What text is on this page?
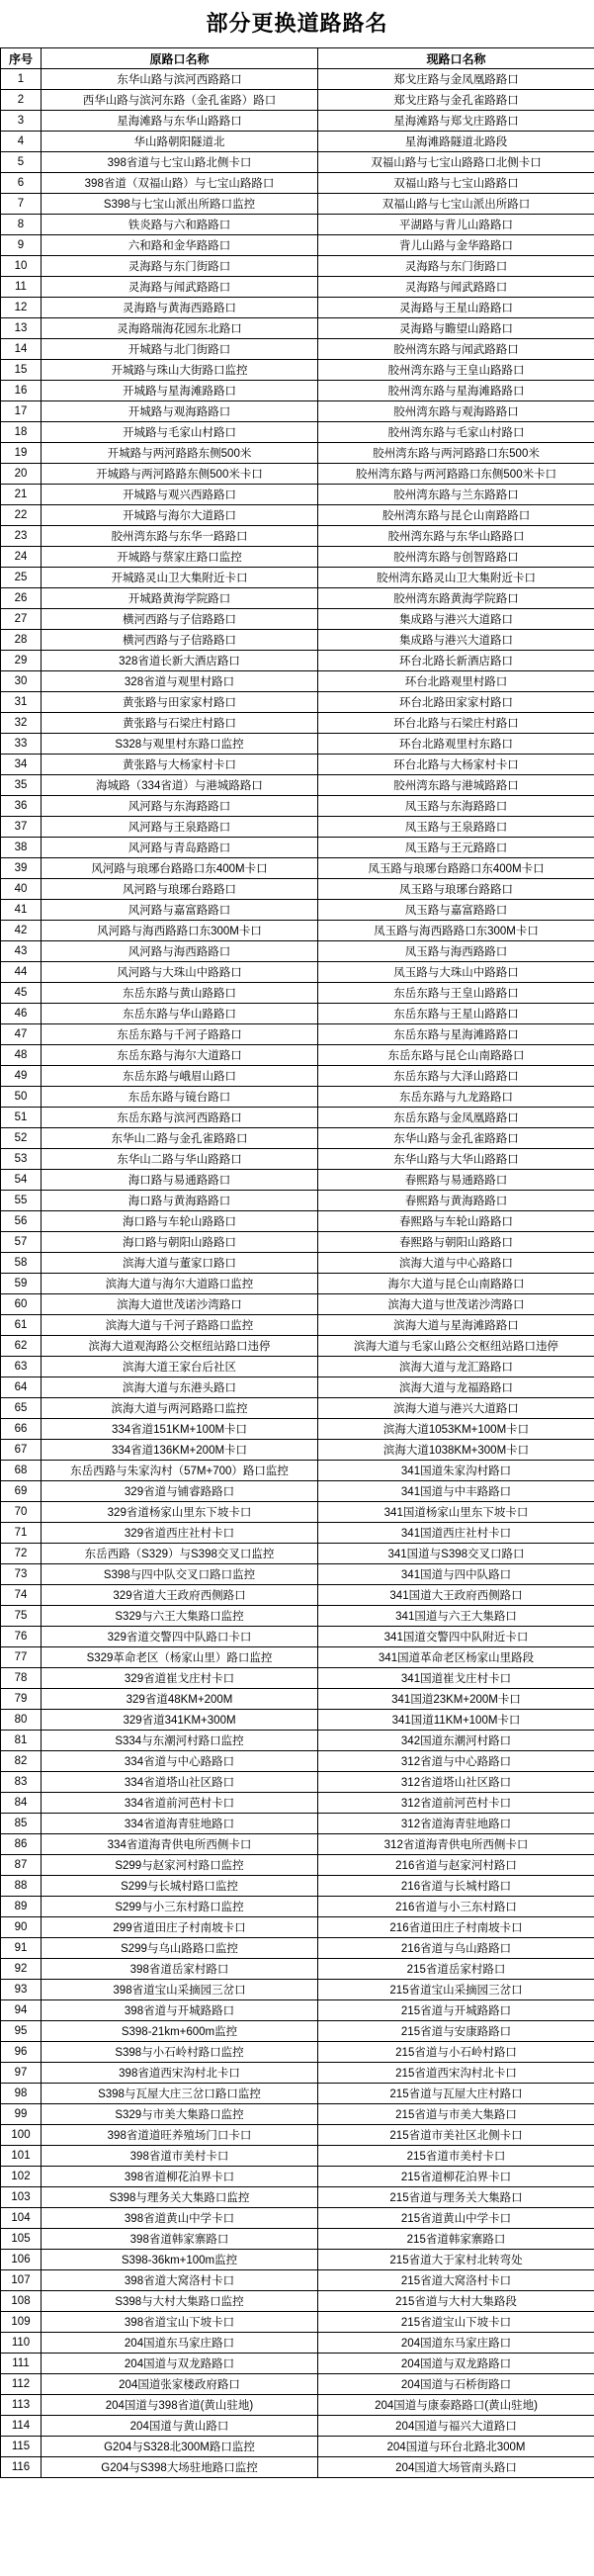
部分更换道路路名
序号	原路口名称	现路口名称
1	东华山路与滨河西路路口	郑戈庄路与金凤凰路路口
2	西华山路与滨河东路（金孔雀路）路口	郑戈庄路与金孔雀路路口
3	星海滩路与东华山路路口	星海滩路与郑戈庄路路口
4	华山路朝阳隧道北	星海滩路隧道北路段
5	398省道与七宝山路北侧卡口	双福山路与七宝山路路口北侧卡口
6	398省道（双福山路）与七宝山路路口	双福山路与七宝山路路口
7	S398与七宝山派出所路口监控	双福山路与七宝山派出所路口
8	铁炎路与六和路路口	平湖路与背儿山路路口
9	六和路和金华路路口	背儿山路与金华路路口
10	灵海路与东门街路口	灵海路与东门街路口
11	灵海路与闻武路路口	灵海路与闻武路路口
12	灵海路与黄海西路路口	灵海路与王星山路路口
13	灵海路瑞海花园东北路口	灵海路与瞻望山路路口
14	开城路与北门街路口	胶州湾东路与闻武路路口
15	开城路与珠山大街路口监控	胶州湾东路与王皇山路路口
16	开城路与星海滩路路口	胶州湾东路与星海滩路路口
17	开城路与观海路路口	胶州湾东路与观海路路口
18	开城路与毛家山村路口	胶州湾东路与毛家山村路口
19	开城路与两河路路东侧500米	胶州湾东路与两河路路口东500米
20	开城路与两河路路东侧500米卡口	胶州湾东路与两河路路口东侧500米卡口
21	开城路与观兴西路路口	胶州湾东路与兰东路路口
22	开城路与海尔大道路口	胶州湾东路与昆仑山南路路口
23	胶州湾东路与东华一路路口	胶州湾东路与东华山路路口
24	开城路与蔡家庄路口监控	胶州湾东路与创智路路口
25	开城路灵山卫大集附近卡口	胶州湾东路灵山卫大集附近卡口
26	开城路黄海学院路口	胶州湾东路黄海学院路口
27	横河西路与子信路路口	集成路与港兴大道路口
28	横河西路与子信路路口	集成路与港兴大道路口
29	328省道长新大酒店路口	环台北路长新酒店路口
30	328省道与观里村路口	环台北路观里村路口
31	黄张路与田家家村路口	环台北路田家家村路口
32	黄张路与石梁庄村路口	环台北路与石梁庄村路口
33	S328与观里村东路口监控	环台北路观里村东路口
34	黄张路与大杨家村卡口	环台北路与大杨家村卡口
35	海城路（334省道）与港城路路口	胶州湾东路与港城路路口
36	风河路与东海路路口	凤玉路与东海路路口
37	风河路与王泉路路口	凤玉路与王泉路路口
38	风河路与青岛路路口	凤玉路与王元路路口
39	风河路与琅琊台路路口东400M卡口	凤玉路与琅琊台路路口东400M卡口
40	风河路与琅琊台路路口	凤玉路与琅琊台路路口
41	风河路与嘉富路路口	凤玉路与嘉富路路口
42	风河路与海西路路口东300M卡口	凤玉路与海西路路口东300M卡口
43	风河路与海西路路口	凤玉路与海西路路口
44	风河路与大珠山中路路口	凤玉路与大珠山中路路口
45	东岳东路与黄山路路口	东岳东路与王皇山路路口
46	东岳东路与华山路路口	东岳东路与王星山路路口
47	东岳东路与千河子路路口	东岳东路与星海滩路路口
48	东岳东路与海尔大道路口	东岳东路与昆仑山南路路口
49	东岳东路与峨眉山路口	东岳东路与大泽山路路口
50	东岳东路与镜台路口	东岳东路与九龙路路口
51	东岳东路与滨河西路路口	东岳东路与金凤凰路路口
52	东华山二路与金孔雀路路口	东华山路与金孔雀路路口
53	东华山二路与华山路路口	东华山路与大华山路路口
54	海口路与易通路路口	春熙路与易通路路口
55	海口路与黄海路路口	春熙路与黄海路路口
56	海口路与车轮山路路口	春熙路与车轮山路路口
57	海口路与朝阳山路路口	春熙路与朝阳山路路口
58	滨海大道与董家口路口	滨海大道与中心路路口
59	滨海大道与海尔大道路口监控	海尔大道与昆仑山南路路口
60	滨海大道世茂诺沙湾路口	滨海大道与世茂诺沙湾路口
61	滨海大道与千河子路路口监控	滨海大道与星海滩路路口
62	滨海大道观海路公交枢纽站路口违停	滨海大道与毛家山路公交枢纽站路口违停
63	滨海大道王家台后社区	滨海大道与龙汇路路口
64	滨海大道与东港头路口	滨海大道与龙福路路口
65	滨海大道与两河路路口监控	滨海大道与港兴大道路口
66	334省道151KM+100M卡口	滨海大道1053KM+100M卡口
67	334省道136KM+200M卡口	滨海大道1038KM+300M卡口
68	东岳西路与朱家沟村（57M+700）路口监控	341国道朱家沟村路口
69	329省道与铺睿路路口	341国道与中丰路路口
70	329省道杨家山里东下坡卡口	341国道杨家山里东下坡卡口
71	329省道西庄社村卡口	341国道西庄社村卡口
72	东岳西路（S329）与S398交叉口监控	341国道与S398交叉口路口
73	S398与四中队交叉口路口监控	341国道与四中队路口
74	329省道大王政府西侧路口	341国道大王政府西侧路口
75	S329与六王大集路口监控	341国道与六王大集路口
76	329省道交警四中队路口卡口	341国道交警四中队附近卡口
77	S329革命老区（杨家山里）路口监控	341国道革命老区杨家山里路段
78	329省道崔戈庄村卡口	341国道崔戈庄村卡口
79	329省道48KM+200M	341国道23KM+200M卡口
80	329省道341KM+300M	341国道11KM+100M卡口
81	S334与东潮河村路口监控	342国道东潮河村路口
82	334省道与中心路路口	312省道与中心路路口
83	334省道塔山社区路口	312省道塔山社区路口
84	334省道前河芭村卡口	312省道前河芭村卡口
85	334省道海青驻地路口	312省道海青驻地路口
86	334省道海青供电所西侧卡口	312省道海青供电所西侧卡口
87	S299与赵家河村路口监控	216省道与赵家河村路口
88	S299与长城村路口监控	216省道与长城村路口
89	S299与小三东村路口监控	216省道与小三东村路口
90	299省道田庄子村南坡卡口	216省道田庄子村南坡卡口
91	S299与乌山路路口监控	216省道与乌山路路口
92	398省道岳家村路口	215省道岳家村路口
93	398省道宝山采摘园三岔口	215省道宝山采摘园三岔口
94	398省道与开城路路口	215省道与开城路路口
95	S398-21km+600m监控	215省道与安康路路口
96	S398与小石岭村路口监控	215省道与小石岭村路口
97	398省道西宋沟村北卡口	215省道西宋沟村北卡口
98	S398与瓦屋大庄三岔口路口监控	215省道与瓦屋大庄村路口
99	S329与市美大集路口监控	215省道与市美大集路口
100	398省道道旺养殖场门口卡口	215省道市美社区北侧卡口
101	398省道市美村卡口	215省道市美村卡口
102	398省道柳花泊界卡口	215省道柳花泊界卡口
103	S398与理务关大集路口监控	215省道与理务关大集路口
104	398省道黄山中学卡口	215省道黄山中学卡口
105	398省道韩家寨路口	215省道韩家寨路口
106	S398-36km+100m监控	215省道大于家村北转弯处
107	398省道大窝洛村卡口	215省道大窝洛村卡口
108	S398与大村大集路口监控	215省道与大村大集路段
109	398省道宝山下坡卡口	215省道宝山下坡卡口
110	204国道东马家庄路口	204国道东马家庄路口
111	204国道与双龙路路口	204国道与双龙路路口
112	204国道张家楼政府路口	204国道与石桥街路口
113	204国道与398省道(黄山驻地)	204国道与康泰路路口(黄山驻地)
114	204国道与黄山路口	204国道与福兴大道路口
115	G204与S328北300M路口监控	204国道与环台北路北300M
116	G204与S398大场驻地路口监控	204国道大场管南头路口
